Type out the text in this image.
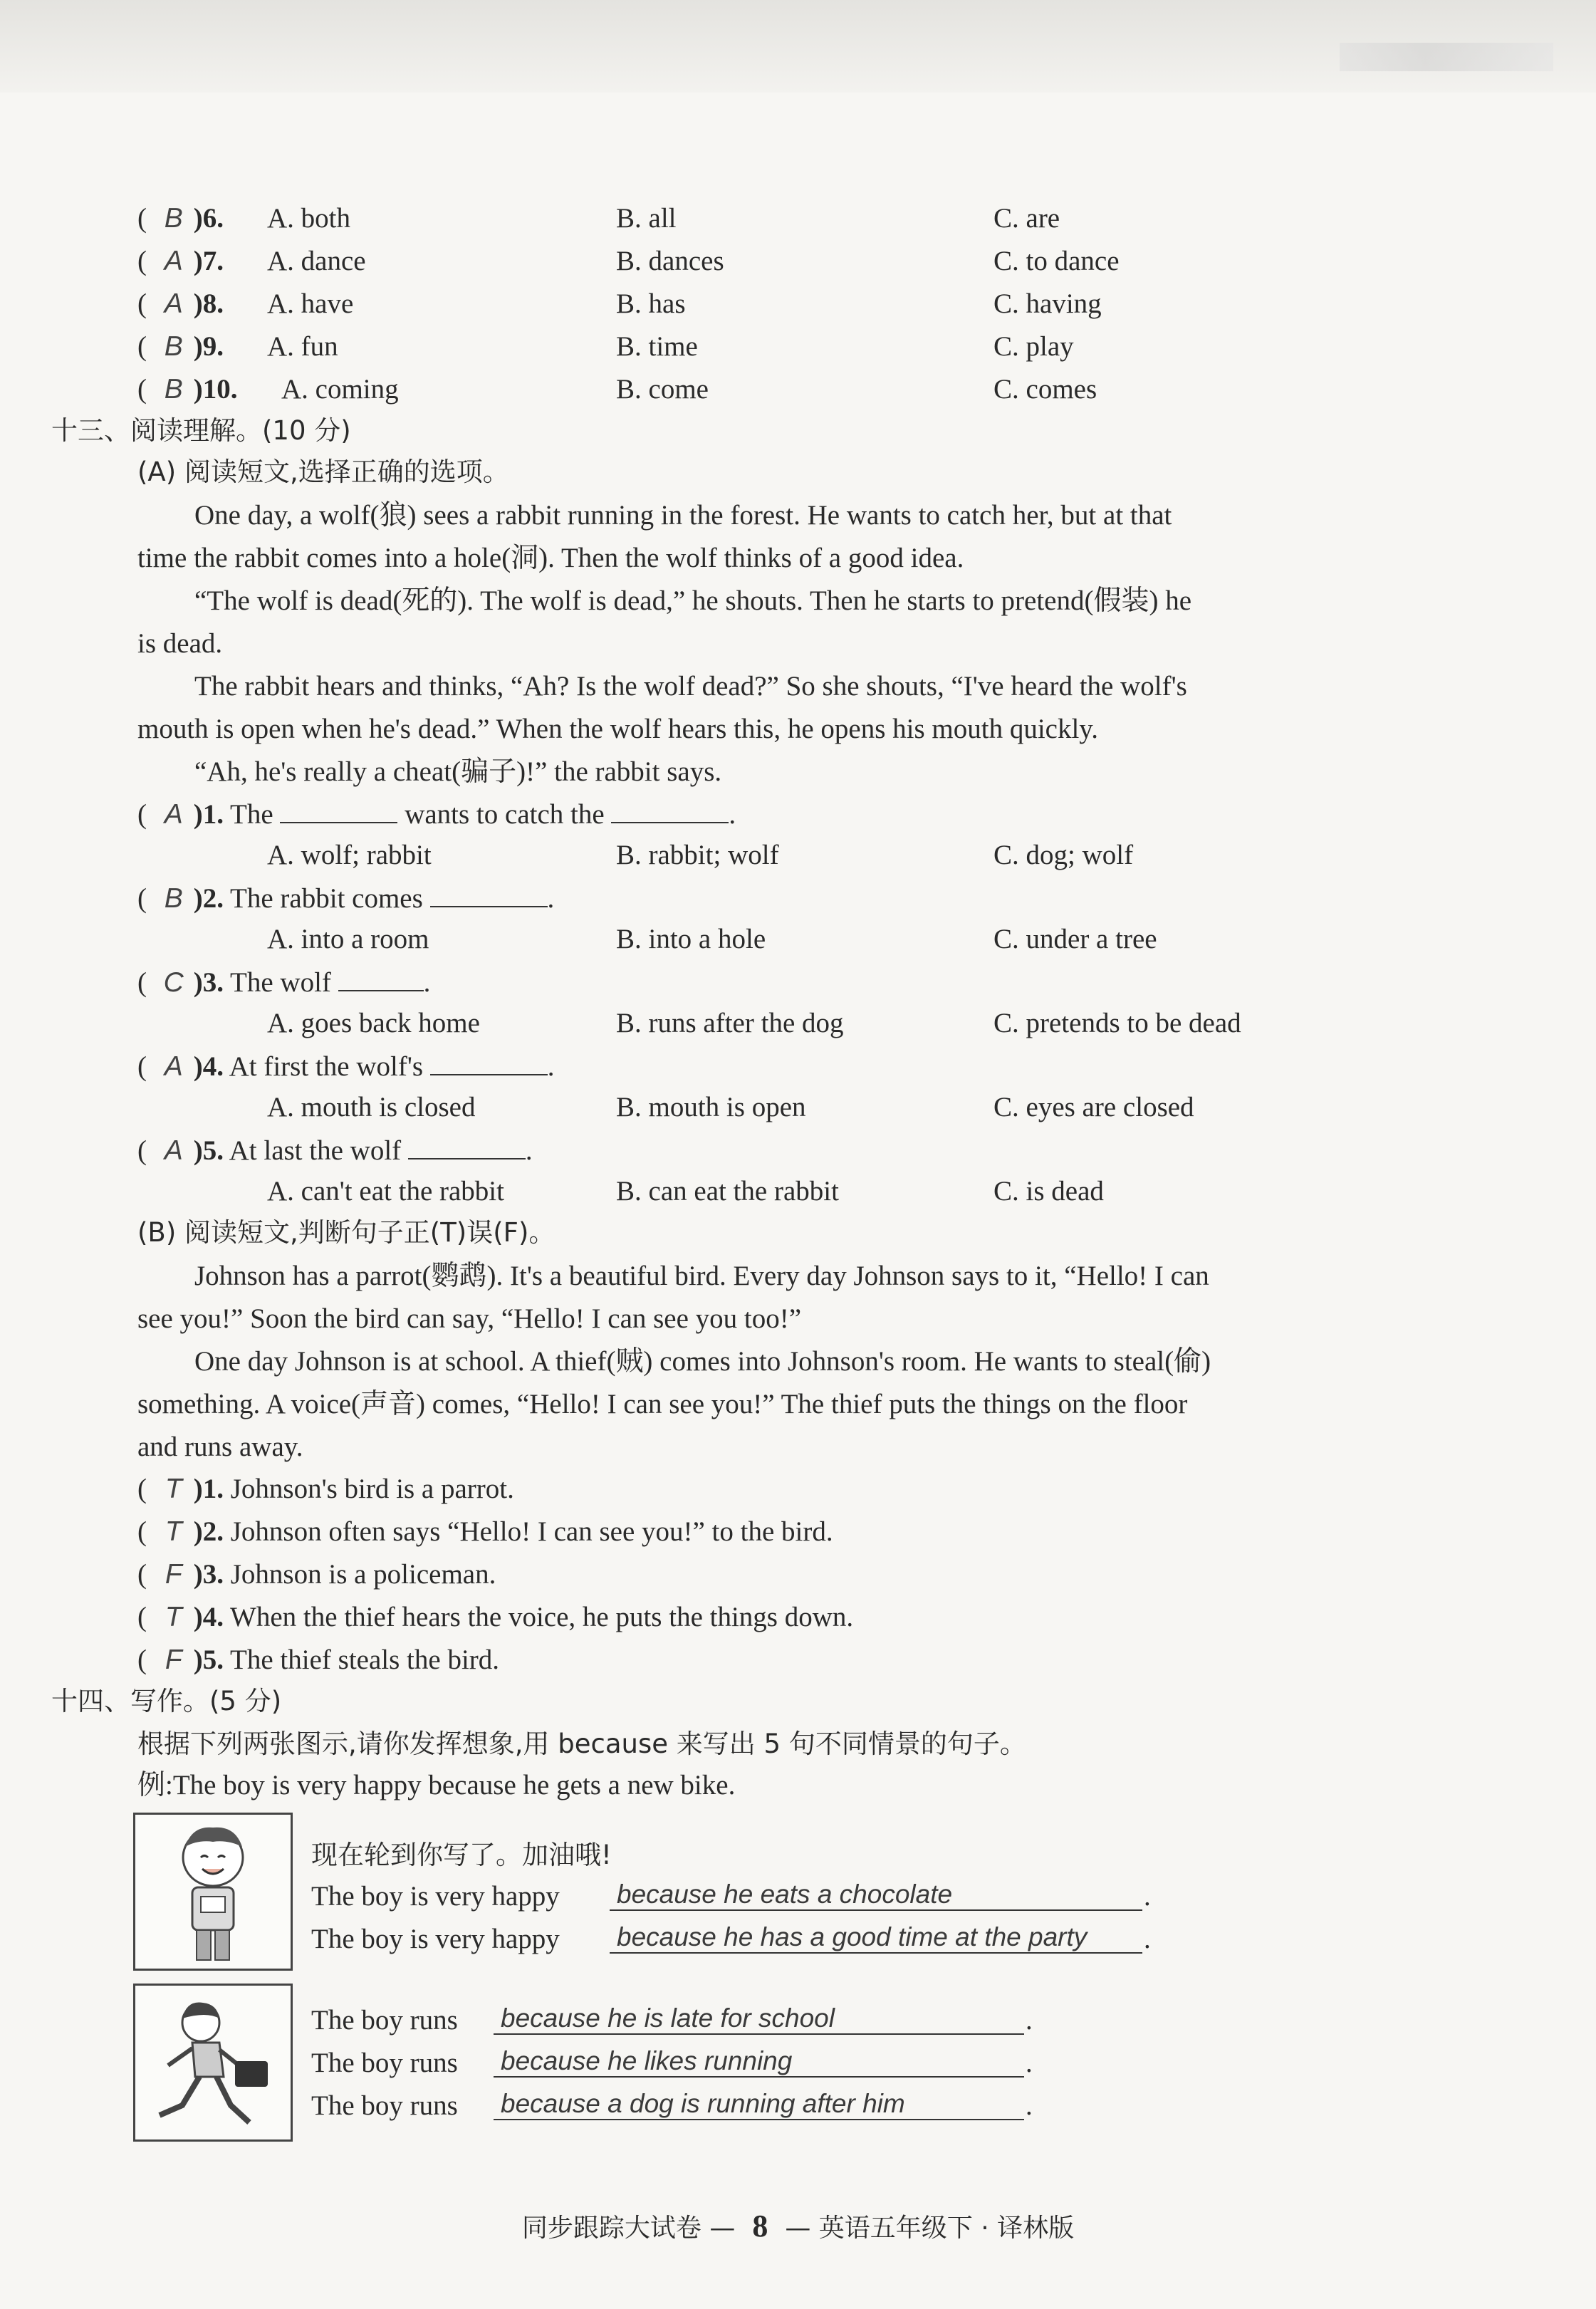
( B )6. A. both	B. all	C. are
( A )7. A. dance	B. dances	C. to dance
( A )8. A. have	B. has	C. having
( B )9. A. fun	B. time	C. play
( B )10. A. coming	B. come	C. comes
十三、阅读理解。(10 分)
(A) 阅读短文,选择正确的选项。
One day, a wolf(狼) sees a rabbit running in the forest. He wants to catch her, but at that
time the rabbit comes into a hole(洞). Then the wolf thinks of a good idea.
“The wolf is dead(死的). The wolf is dead,” he shouts. Then he starts to pretend(假装) he
is dead.
The rabbit hears and thinks, “Ah? Is the wolf dead?” So she shouts, “I've heard the wolf's
mouth is open when he's dead.” When the wolf hears this, he opens his mouth quickly.
“Ah, he's really a cheat(骗子)!” the rabbit says.
( A )1. The	wants to catch the	.
A. wolf; rabbit	B. rabbit; wolf	C. dog; wolf
( B )2. The rabbit comes	.
A. into a room	B. into a hole	C. under a tree
( C )3. The wolf	.
A. goes back home	B. runs after the dog	C. pretends to be dead
( A )4. At first the wolf's	.
A. mouth is closed	B. mouth is open	C. eyes are closed
( A )5. At last the wolf	.
A. can't eat the rabbit	B. can eat the rabbit	C. is dead
(B) 阅读短文,判断句子正(T)误(F)。
Johnson has a parrot(鹦鹉). It's a beautiful bird. Every day Johnson says to it, “Hello! I can
see you!” Soon the bird can say, “Hello! I can see you too!”
One day Johnson is at school. A thief(贼) comes into Johnson's room. He wants to steal(偷)
something. A voice(声音) comes, “Hello! I can see you!” The thief puts the things on the floor
and runs away.
( T )1. Johnson's bird is a parrot.
( T )2. Johnson often says “Hello! I can see you!” to the bird.
( F )3. Johnson is a policeman.
( T )4. When the thief hears the voice, he puts the things down.
( F )5. The thief steals the bird.
十四、写作。(5 分)
根据下列两张图示,请你发挥想象,用 because 来写出 5 句不同情景的句子。
例:The boy is very happy because he gets a new bike.
现在轮到你写了。加油哦!
The boy is very happy because he eats a chocolate	.
The boy is very happy because he has a good time at the party .
The boy runs because he is late for school	.
The boy runs because he likes running	.
The boy runs because a dog is running after him	.
同步跟踪大试卷 — 8 — 英语五年级下 · 译林版
